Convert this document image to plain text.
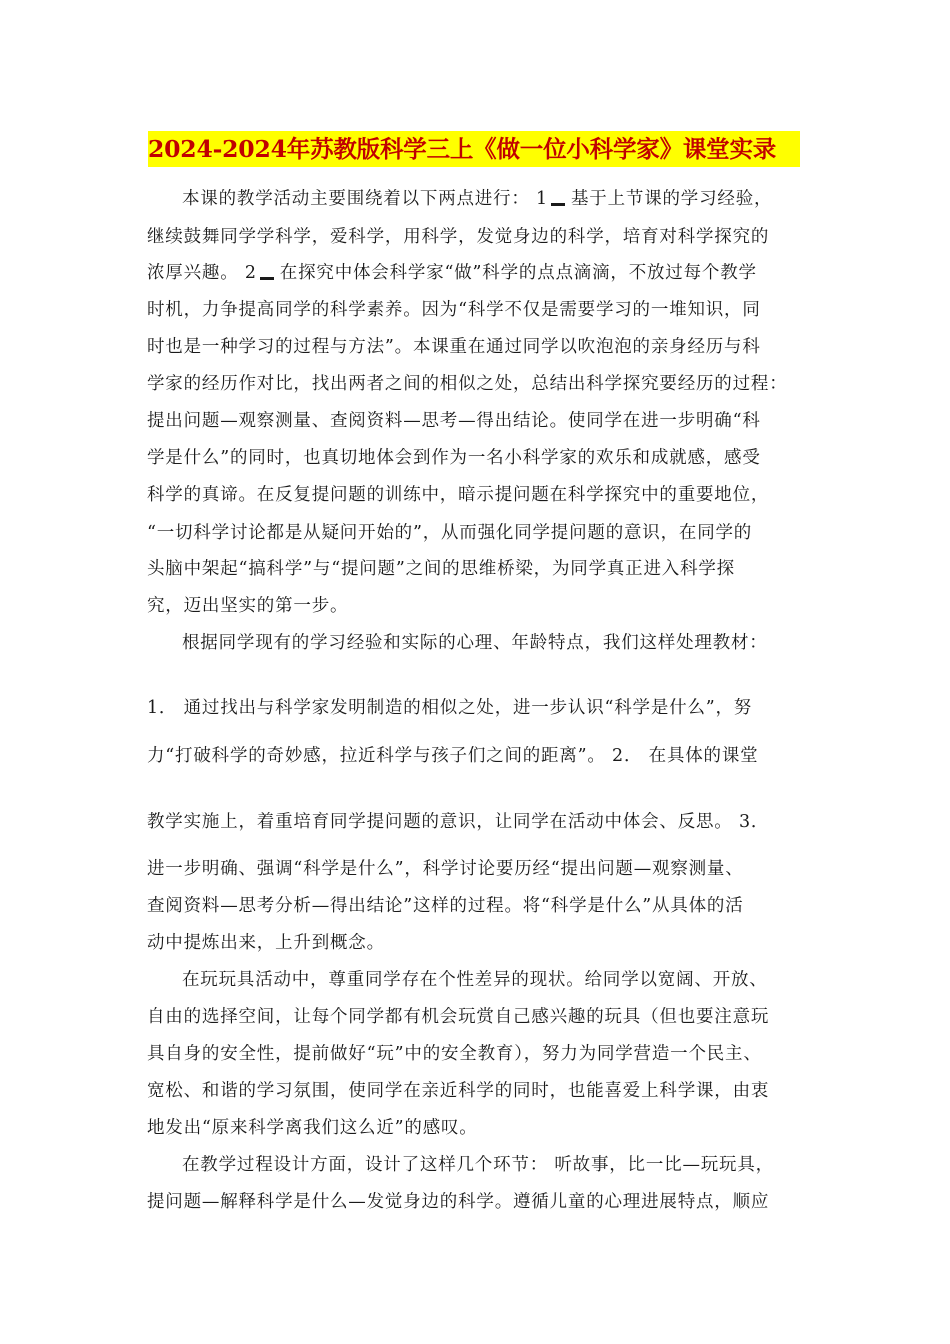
2024-2024年苏教版科学三上《做一位小科学家》课堂实录
本课的教学活动主要围绕着以下两点进行： 1 基于上节课的学习经验，
继续鼓舞同学学科学，爱科学，用科学，发觉身边的科学，培育对科学探究的
浓厚兴趣。 2 在探究中体会科学家“做”科学的点点滴滴，不放过每个教学
时机，力争提高同学的科学素养。因为“科学不仅是需要学习的一堆知识，同
时也是一种学习的过程与方法”。本课重在通过同学以吹泡泡的亲身经历与科
学家的经历作对比，找出两者之间的相似之处，总结出科学探究要经历的过程：
提出问题—观察测量、查阅资料—思考—得出结论。使同学在进一步明确“科
学是什么”的同时，也真切地体会到作为一名小科学家的欢乐和成就感，感受
科学的真谛。在反复提问题的训练中，暗示提问题在科学探究中的重要地位，
“一切科学讨论都是从疑问开始的”，从而强化同学提问题的意识，在同学的
头脑中架起“搞科学”与“提问题”之间的思维桥梁，为同学真正进入科学探
究，迈出坚实的第一步。
根据同学现有的学习经验和实际的心理、年龄特点，我们这样处理教材：
1． 通过找出与科学家发明制造的相似之处，进一步认识“科学是什么”，努
力“打破科学的奇妙感，拉近科学与孩子们之间的距离”。 2． 在具体的课堂
教学实施上，着重培育同学提问题的意识，让同学在活动中体会、反思。 3．
进一步明确、强调“科学是什么”，科学讨论要历经“提出问题—观察测量、
查阅资料—思考分析—得出结论”这样的过程。将“科学是什么”从具体的活
动中提炼出来，上升到概念。
在玩玩具活动中，尊重同学存在个性差异的现状。给同学以宽阔、开放、
自由的选择空间，让每个同学都有机会玩赏自己感兴趣的玩具（但也要注意玩
具自身的安全性，提前做好“玩”中的安全教育），努力为同学营造一个民主、
宽松、和谐的学习氛围，使同学在亲近科学的同时，也能喜爱上科学课，由衷
地发出“原来科学离我们这么近”的感叹。
在教学过程设计方面，设计了这样几个环节： 听故事，比一比—玩玩具，
提问题—解释科学是什么—发觉身边的科学。遵循儿童的心理进展特点，顺应
